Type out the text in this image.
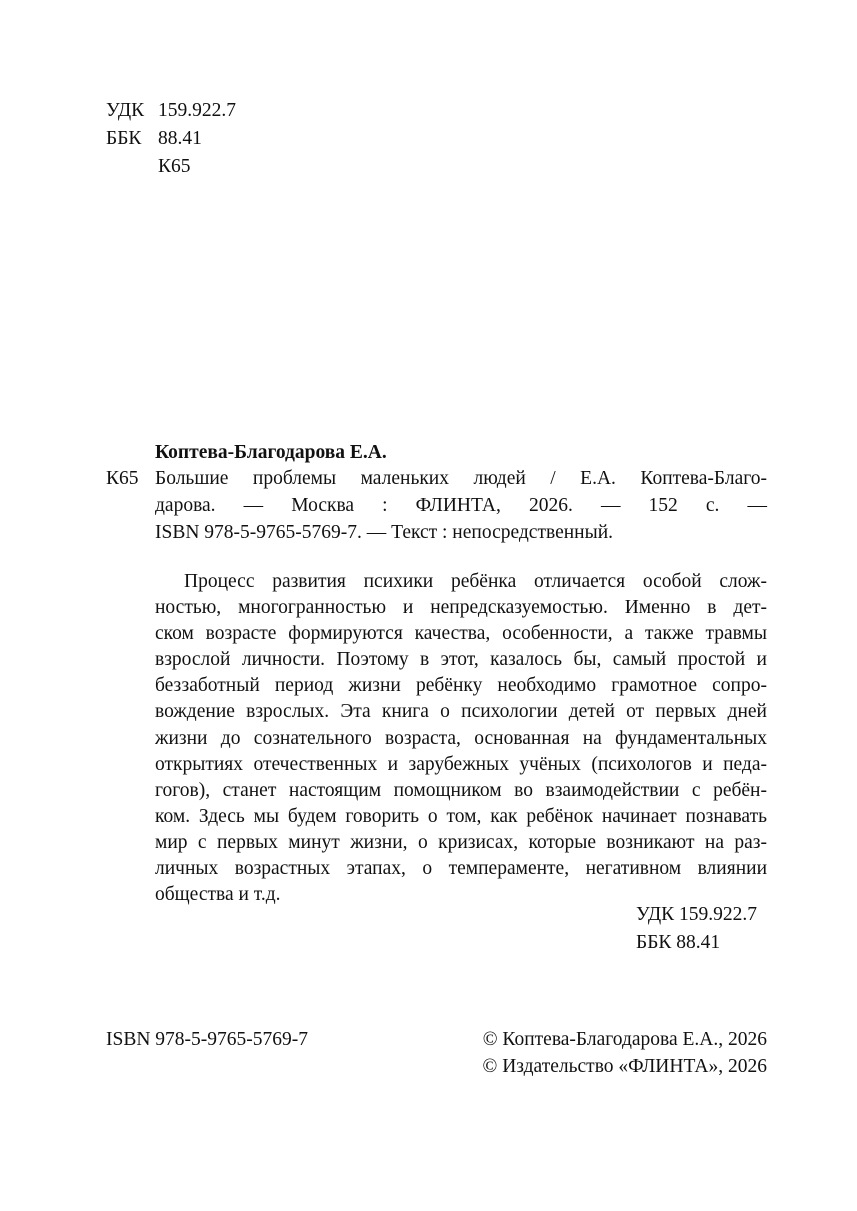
УДК 159.922.7
ББК 88.41
К65
Коптева-Благодарова Е.А.
К65 Большие проблемы маленьких людей / Е.А. Коптева-Благо-
дарова. — Москва : ФЛИНТА, 2026. — 152 с. —
ISBN 978-5-9765-5769-7. — Текст : непосредственный.
Процесс развития психики ребёнка отличается особой слож-
ностью, многогранностью и непредсказуемостью. Именно в дет-
ском возрасте формируются качества, особенности, а также травмы
взрослой личности. Поэтому в этот, казалось бы, самый простой и
беззаботный период жизни ребёнку необходимо грамотное сопро-
вождение взрослых. Эта книга о психологии детей от первых дней
жизни до сознательного возраста, основанная на фундаментальных
открытиях отечественных и зарубежных учёных (психологов и педа-
гогов), станет настоящим помощником во взаимодействии с ребён-
ком. Здесь мы будем говорить о том, как ребёнок начинает познавать
мир с первых минут жизни, о кризисах, которые возникают на раз-
личных возрастных этапах, о темпераменте, негативном влиянии
общества и т.д.
УДК 159.922.7
ББК 88.41
ISBN 978-5-9765-5769-7	© Коптева-Благодарова Е.А., 2026
© Издательство «ФЛИНТА», 2026
